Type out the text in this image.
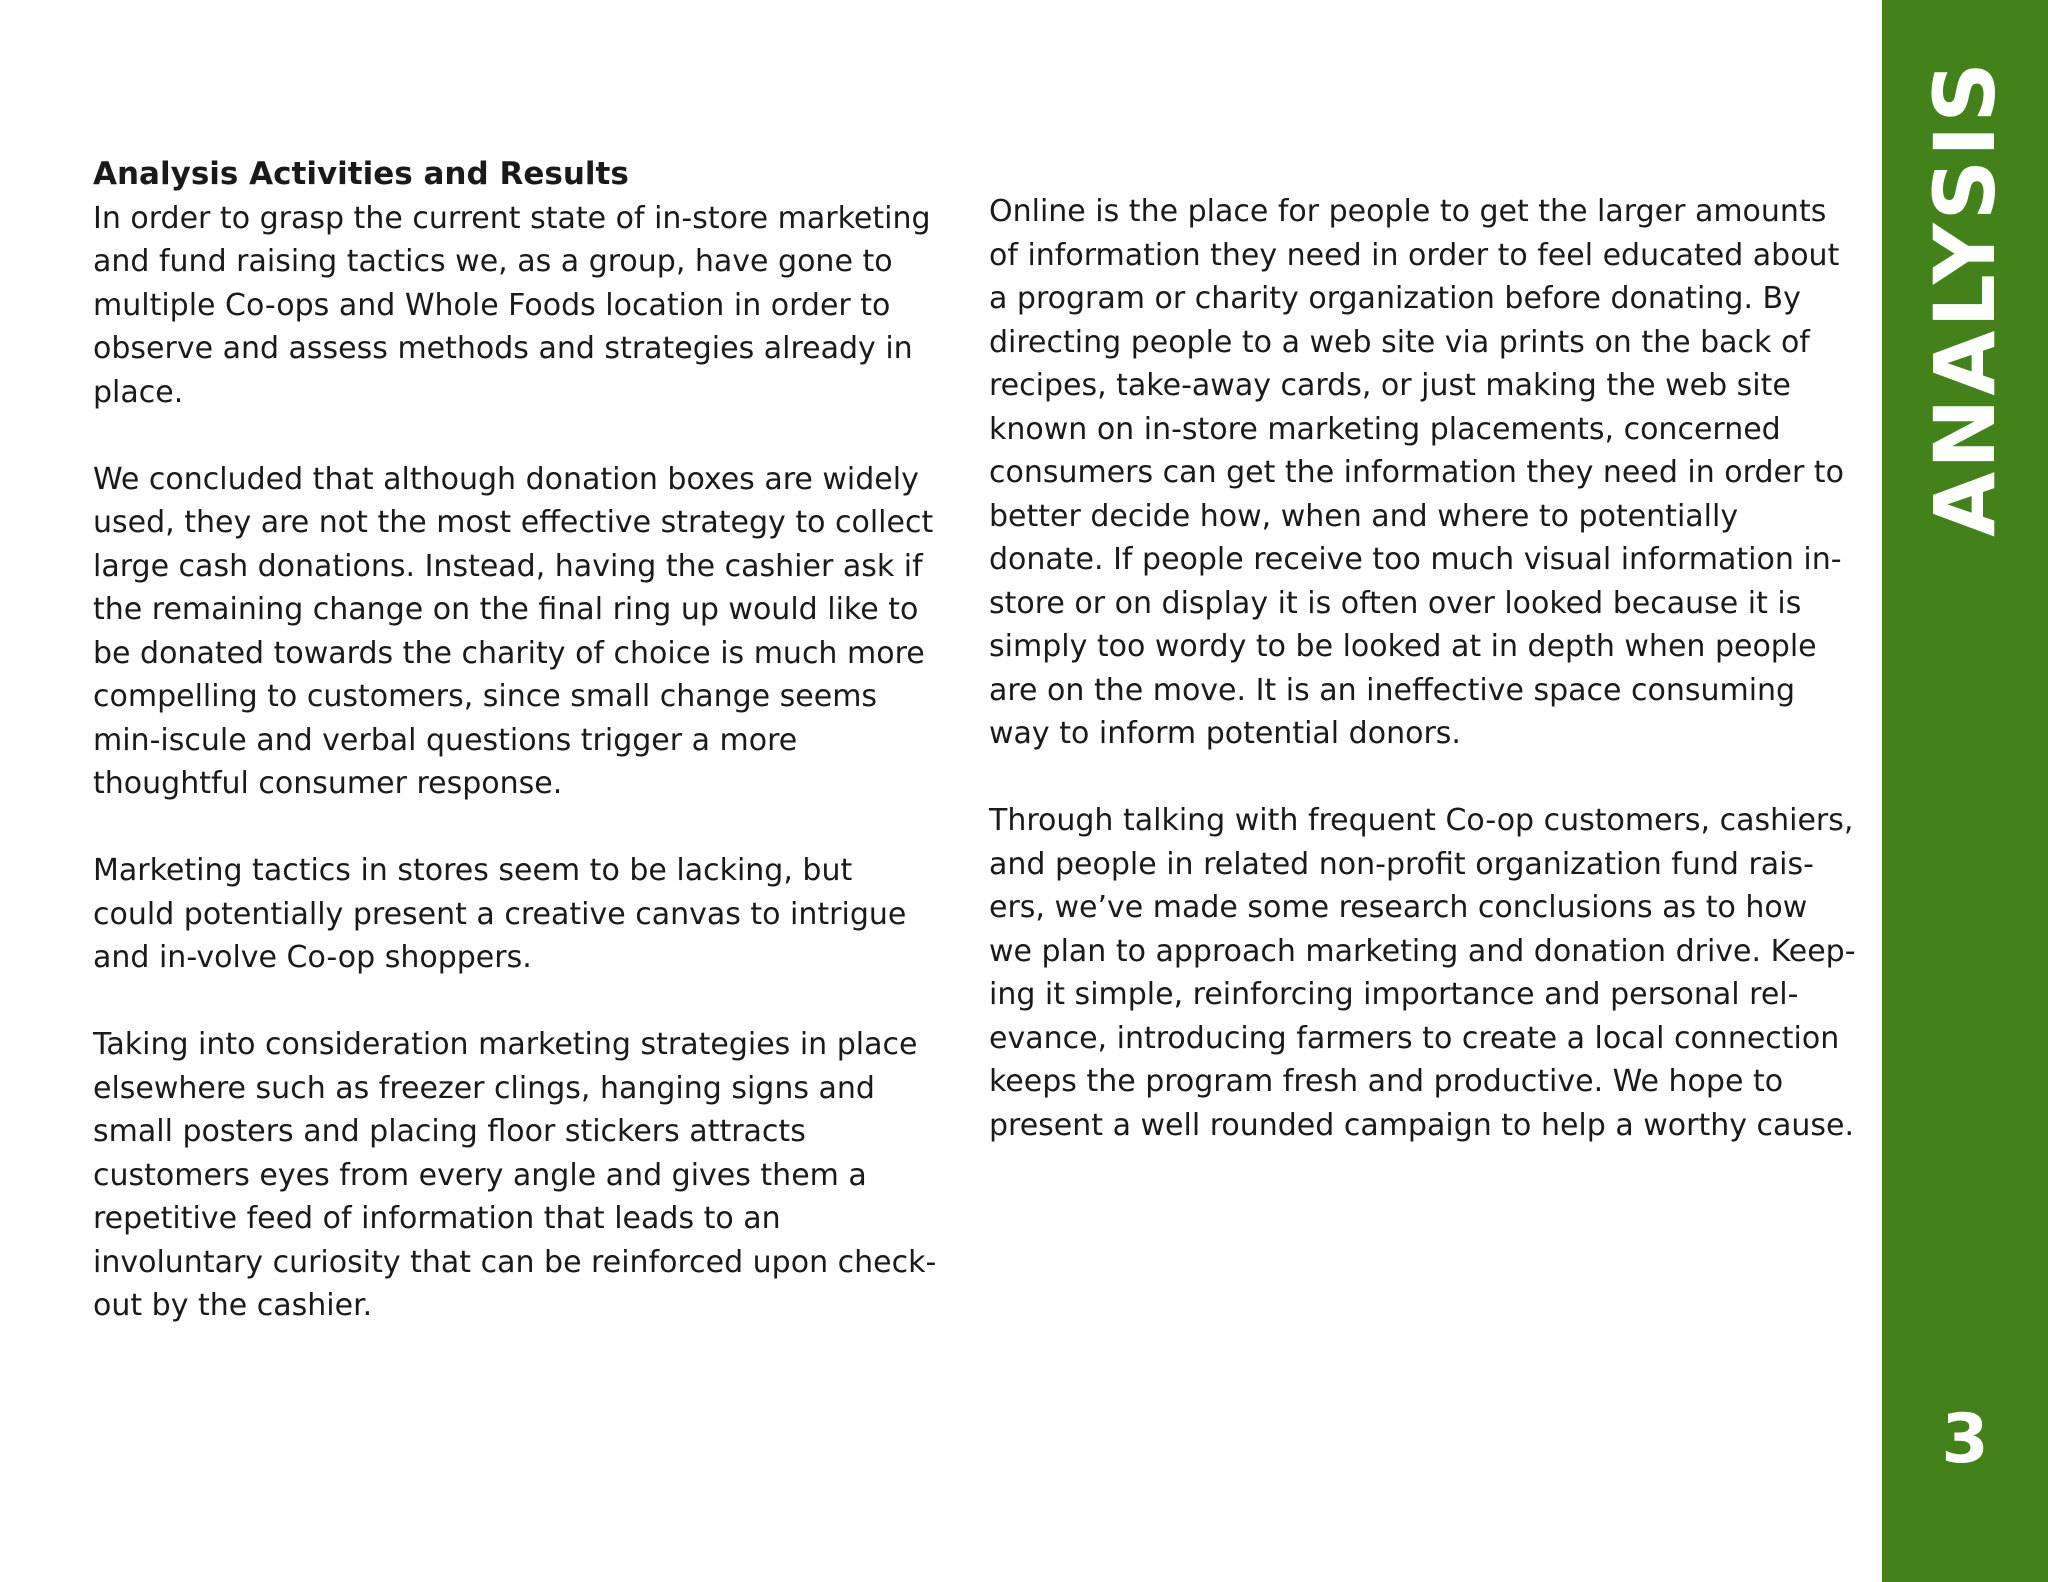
Analysis Activities and Results

In order to grasp the current state of in-store marketing and fund raising tactics we, as a group, have gone to multiple Co-ops and Whole Foods location in order to observe and assess methods and strategies already in place.

We concluded that although donation boxes are widely used, they are not the most effective strategy to collect large cash donations. Instead, having the cashier ask if the remaining change on the final ring up would like to be donated towards the charity of choice is much more compelling to customers, since small change seems min-iscule and verbal questions trigger a more thoughtful consumer response.

Marketing tactics in stores seem to be lacking, but could potentially present a creative canvas to intrigue and in-volve Co-op shoppers.

Taking into consideration marketing strategies in place elsewhere such as freezer clings, hanging signs and small posters and placing floor stickers attracts customers eyes from every angle and gives them a repetitive feed of information that leads to an involuntary curiosity that can be reinforced upon check-out by the cashier.

Online is the place for people to get the larger amounts of information they need in order to feel educated about a program or charity organization before donating. By directing people to a web site via prints on the back of recipes, take-away cards, or just making the web site known on in-store marketing placements, concerned consumers can get the information they need in order to better decide how, when and where to potentially donate. If people receive too much visual information in-store or on display it is often over looked because it is simply too wordy to be looked at in depth when people are on the move. It is an ineffective space consuming way to inform potential donors.

Through talking with frequent Co-op customers, cashiers, and people in related non-profit organization fund rais-ers, we’ve made some research conclusions as to how we plan to approach marketing and donation drive. Keep-ing it simple, reinforcing importance and personal rel-evance, introducing farmers to create a local connection keeps the program fresh and productive. We hope to present a well rounded campaign to help a worthy cause.

ANALYSIS
3
